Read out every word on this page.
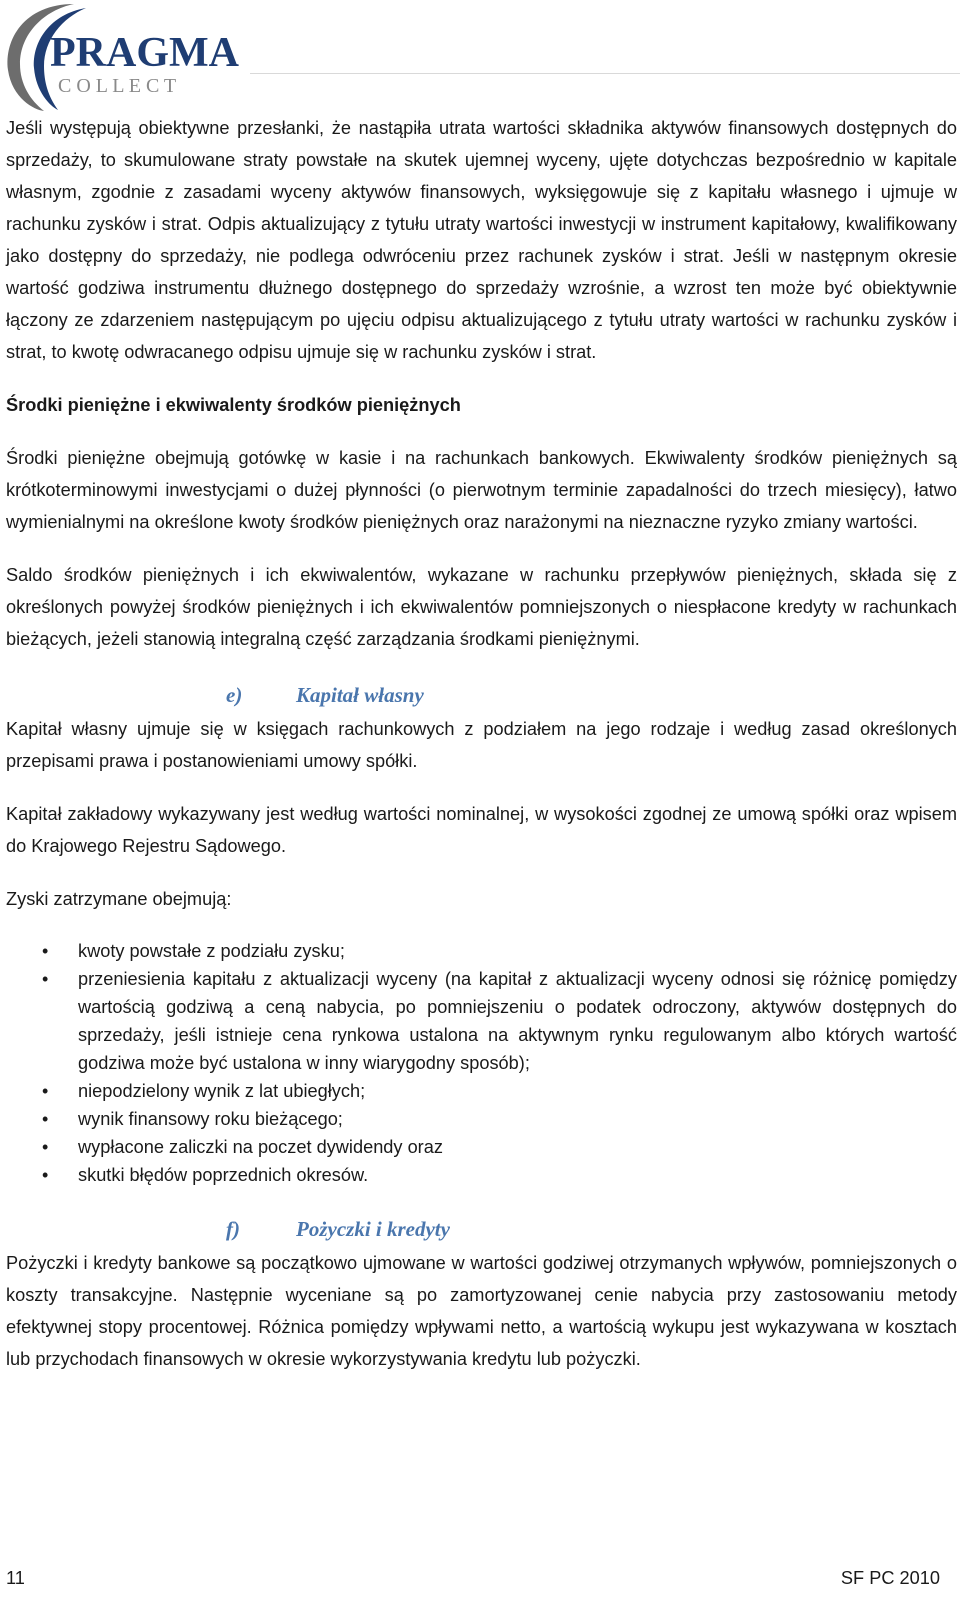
PRAGMA
C O L L E C T

Jeśli występują obiektywne przesłanki, że nastąpiła utrata wartości składnika aktywów finansowych dostępnych do sprzedaży, to skumulowane straty powstałe na skutek ujemnej wyceny, ujęte dotychczas bezpośrednio w kapitale własnym, zgodnie z zasadami wyceny aktywów finansowych, wyksięgowuje się z kapitału własnego i ujmuje w rachunku zysków i strat. Odpis aktualizujący z tytułu utraty wartości inwestycji w instrument kapitałowy, kwalifikowany jako dostępny do sprzedaży, nie podlega odwróceniu przez rachunek zysków i strat. Jeśli w następnym okresie wartość godziwa instrumentu dłużnego dostępnego do sprzedaży wzrośnie, a wzrost ten może być obiektywnie łączony ze zdarzeniem następującym po ujęciu odpisu aktualizującego z tytułu utraty wartości w rachunku zysków i strat, to kwotę odwracanego odpisu ujmuje się w rachunku zysków i strat.

Środki pieniężne i ekwiwalenty środków pieniężnych

Środki pieniężne obejmują gotówkę w kasie i na rachunkach bankowych. Ekwiwalenty środków pieniężnych są krótkoterminowymi inwestycjami o dużej płynności (o pierwotnym terminie zapadalności do trzech miesięcy), łatwo wymienialnymi na określone kwoty środków pieniężnych oraz narażonymi na nieznaczne ryzyko zmiany wartości.

Saldo środków pieniężnych i ich ekwiwalentów, wykazane w rachunku przepływów pieniężnych, składa się z określonych powyżej środków pieniężnych i ich ekwiwalentów pomniejszonych o niespłacone kredyty w rachunkach bieżących, jeżeli stanowią integralną część zarządzania środkami pieniężnymi.

e)	Kapitał własny

Kapitał własny ujmuje się w księgach rachunkowych z podziałem na jego rodzaje i według zasad określonych przepisami prawa i postanowieniami umowy spółki.

Kapitał zakładowy wykazywany jest według wartości nominalnej, w wysokości zgodnej ze umową spółki oraz wpisem do Krajowego Rejestru Sądowego.

Zyski zatrzymane obejmują:

• kwoty powstałe z podziału zysku;
• przeniesienia kapitału z aktualizacji wyceny (na kapitał z aktualizacji wyceny odnosi się różnicę pomiędzy wartością godziwą a ceną nabycia, po pomniejszeniu o podatek odroczony, aktywów dostępnych do sprzedaży, jeśli istnieje cena rynkowa ustalona na aktywnym rynku regulowanym albo których wartość godziwa może być ustalona w inny wiarygodny sposób);
• niepodzielony wynik z lat ubiegłych;
• wynik finansowy roku bieżącego;
• wypłacone zaliczki na poczet dywidendy oraz
• skutki błędów poprzednich okresów.
f)	Pożyczki i kredyty

Pożyczki i kredyty bankowe są początkowo ujmowane w wartości godziwej otrzymanych wpływów, pomniejszonych o koszty transakcyjne. Następnie wyceniane są po zamortyzowanej cenie nabycia przy zastosowaniu metody efektywnej stopy procentowej. Różnica pomiędzy wpływami netto, a wartością wykupu jest wykazywana w kosztach lub przychodach finansowych w okresie wykorzystywania kredytu lub pożyczki.

11	SF PC 2010
